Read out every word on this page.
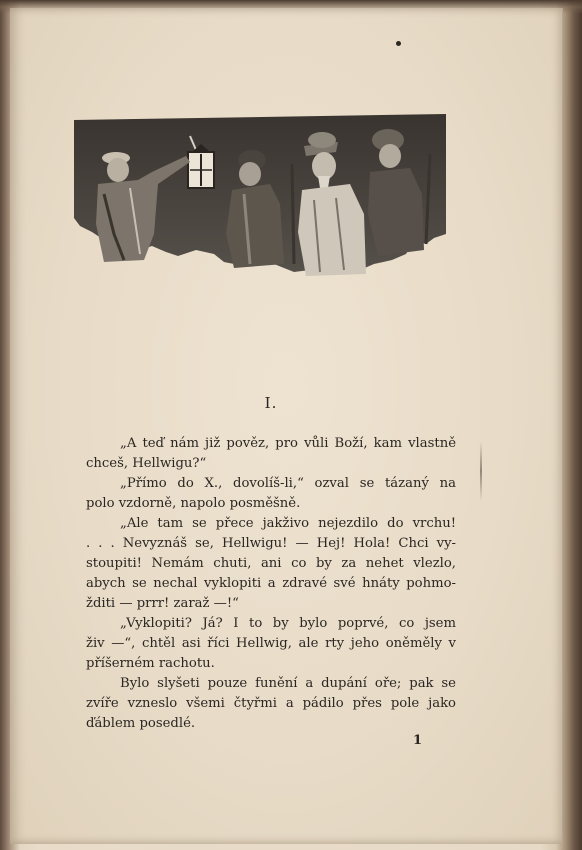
I.

„A teď nám již pověz, pro vůli Boží, kam vlastně

chceš, Hellwigu?“

„Přímo do X., dovolíš-li,“ ozval se tázaný na

polo vzdorně, napolo posměšně.

„Ale tam se přece jakživo nejezdilo do vrchu!

. . . Nevyznáš se, Hellwigu! — Hej! Hola! Chci vy-

stoupiti! Nemám chuti, ani co by za nehet vlezlo,

abych se nechal vyklopiti a zdravé své hnáty pohmo-

žditi — prrr! zaraž —!“

„Vyklopiti? Já? I to by bylo poprvé, co jsem

živ —“, chtěl asi říci Hellwig, ale rty jeho oněměly v

příšerném rachotu.

Bylo slyšeti pouze funění a dupání oře; pak se

zvíře vzneslo všemi čtyřmi a pádilo přes pole jako

ďáblem posedlé.

1
